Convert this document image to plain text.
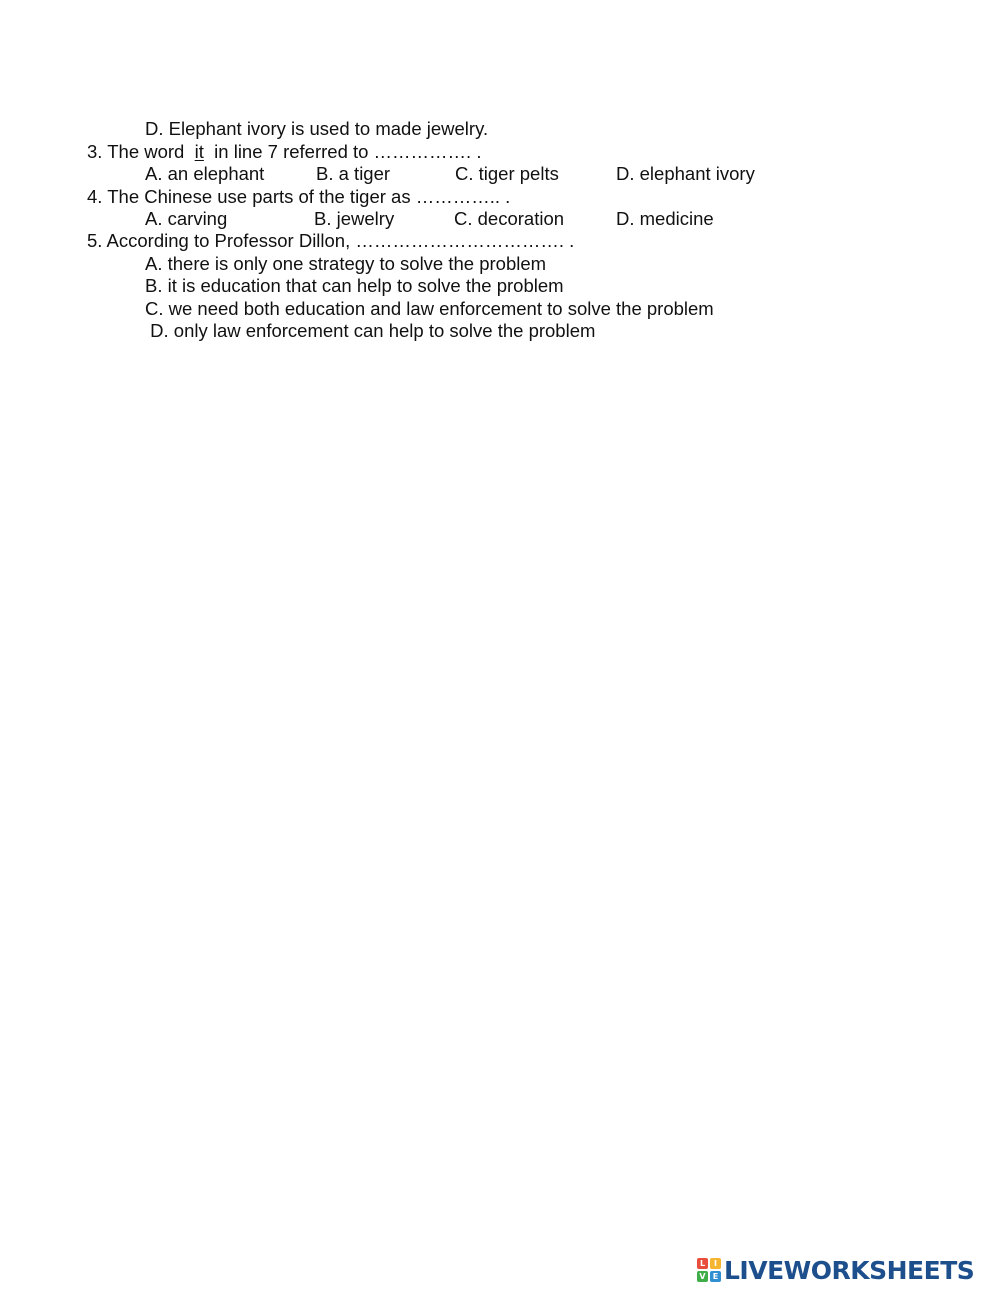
D. Elephant ivory is used to made jewelry.
3. The word  it  in line 7 referred to ……………. .
A. an elephant	B. a tiger	C. tiger pelts	D. elephant ivory
4. The Chinese use parts of the tiger as ………….. .
A. carving	B. jewelry	C. decoration	D. medicine
5. According to Professor Dillon, ……………………………. .
A. there is only one strategy to solve the problem
B. it is education that can help to solve the problem
C. we need both education and law enforcement to solve the problem
D. only law enforcement can help to solve the problem
L	I
V E LIVEWORKSHEETS
